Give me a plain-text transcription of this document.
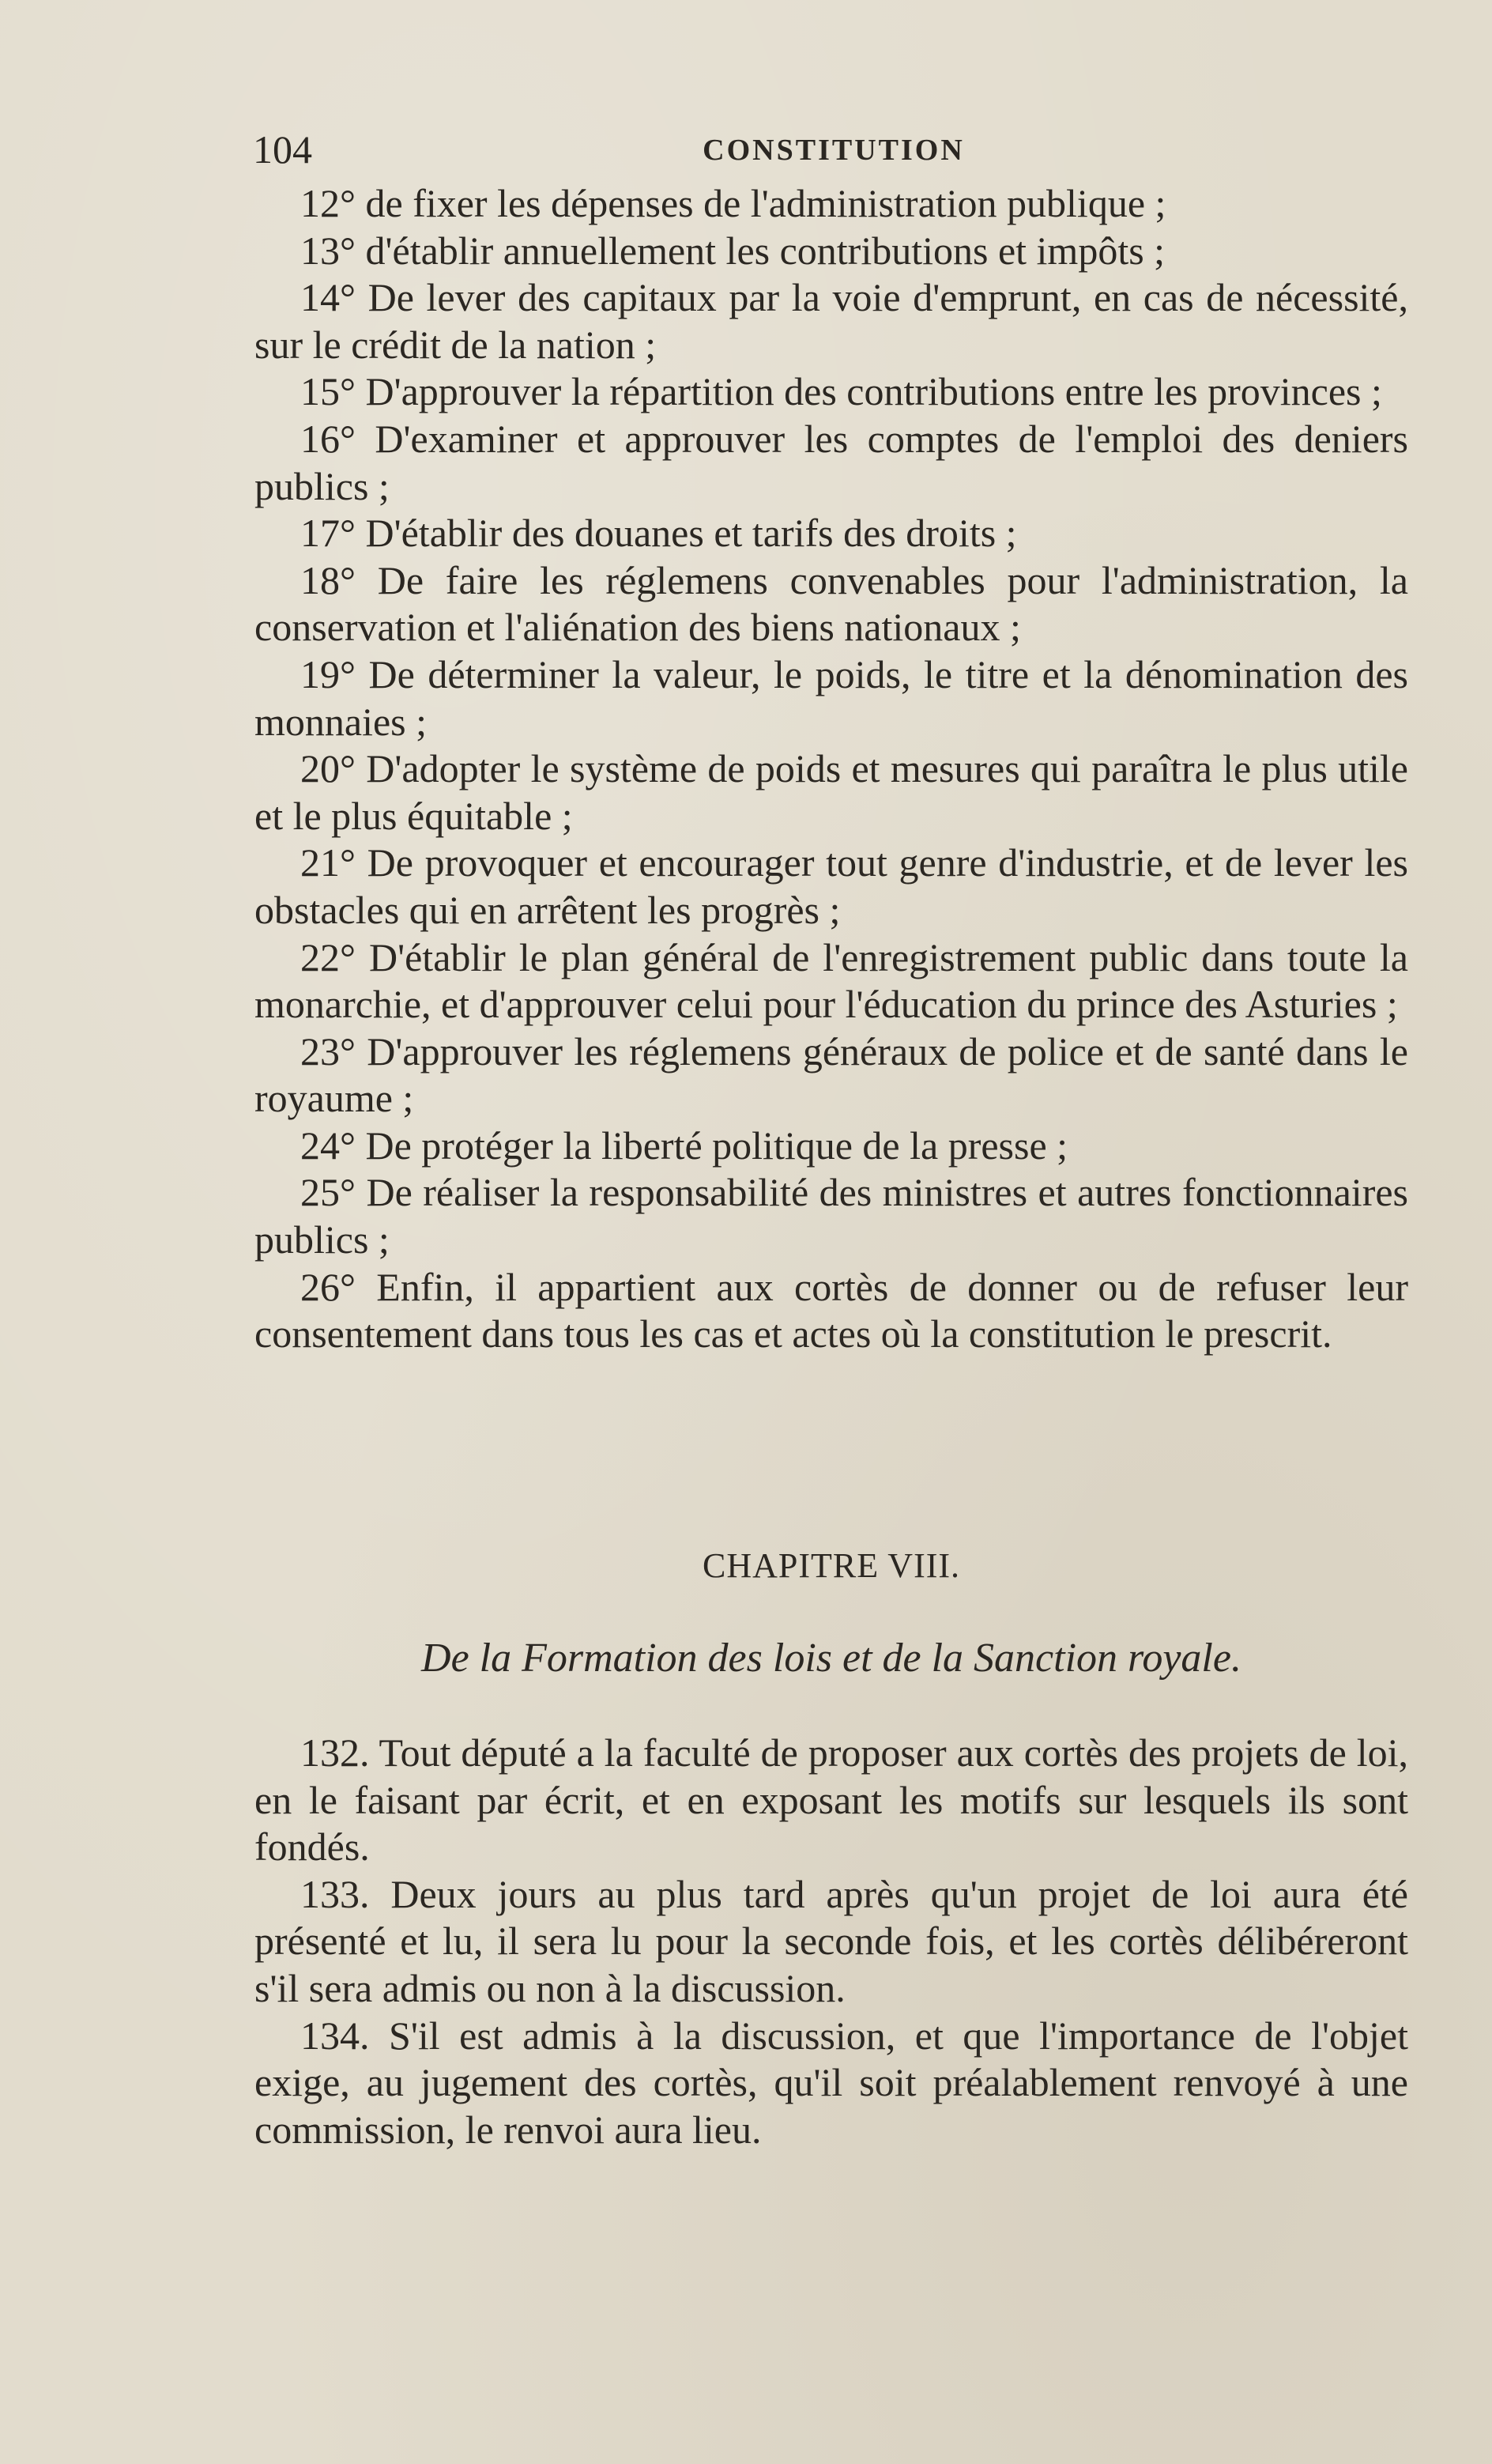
104	CONSTITUTION

12° de fixer les dépenses de l'administration publique ;

13° d'établir annuellement les contributions et impôts ;

14° De lever des capitaux par la voie d'emprunt, en cas de nécessité, sur le crédit de la nation ;

15° D'approuver la répartition des contributions entre les provinces ;

16° D'examiner et approuver les comptes de l'emploi des deniers publics ;

17° D'établir des douanes et tarifs des droits ;

18° De faire les réglemens convenables pour l'administration, la conservation et l'aliénation des biens nationaux ;

19° De déterminer la valeur, le poids, le titre et la dénomination des monnaies ;

20° D'adopter le système de poids et mesures qui paraîtra le plus utile et le plus équitable ;

21° De provoquer et encourager tout genre d'industrie, et de lever les obstacles qui en arrêtent les progrès ;

22° D'établir le plan général de l'enregistrement public dans toute la monarchie, et d'approuver celui pour l'éducation du prince des Asturies ;

23° D'approuver les réglemens généraux de police et de santé dans le royaume ;

24° De protéger la liberté politique de la presse ;

25° De réaliser la responsabilité des ministres et autres fonctionnaires publics ;

26° Enfin, il appartient aux cortès de donner ou de refuser leur consentement dans tous les cas et actes où la constitution le prescrit.

CHAPITRE VIII.
De la Formation des lois et de la Sanction royale.

132. Tout député a la faculté de proposer aux cortès des projets de loi, en le faisant par écrit, et en exposant les motifs sur lesquels ils sont fondés.

133. Deux jours au plus tard après qu'un projet de loi aura été présenté et lu, il sera lu pour la seconde fois, et les cortès délibéreront s'il sera admis ou non à la discussion.

134. S'il est admis à la discussion, et que l'importance de l'objet exige, au jugement des cortès, qu'il soit préalablement renvoyé à une commission, le renvoi aura lieu.
